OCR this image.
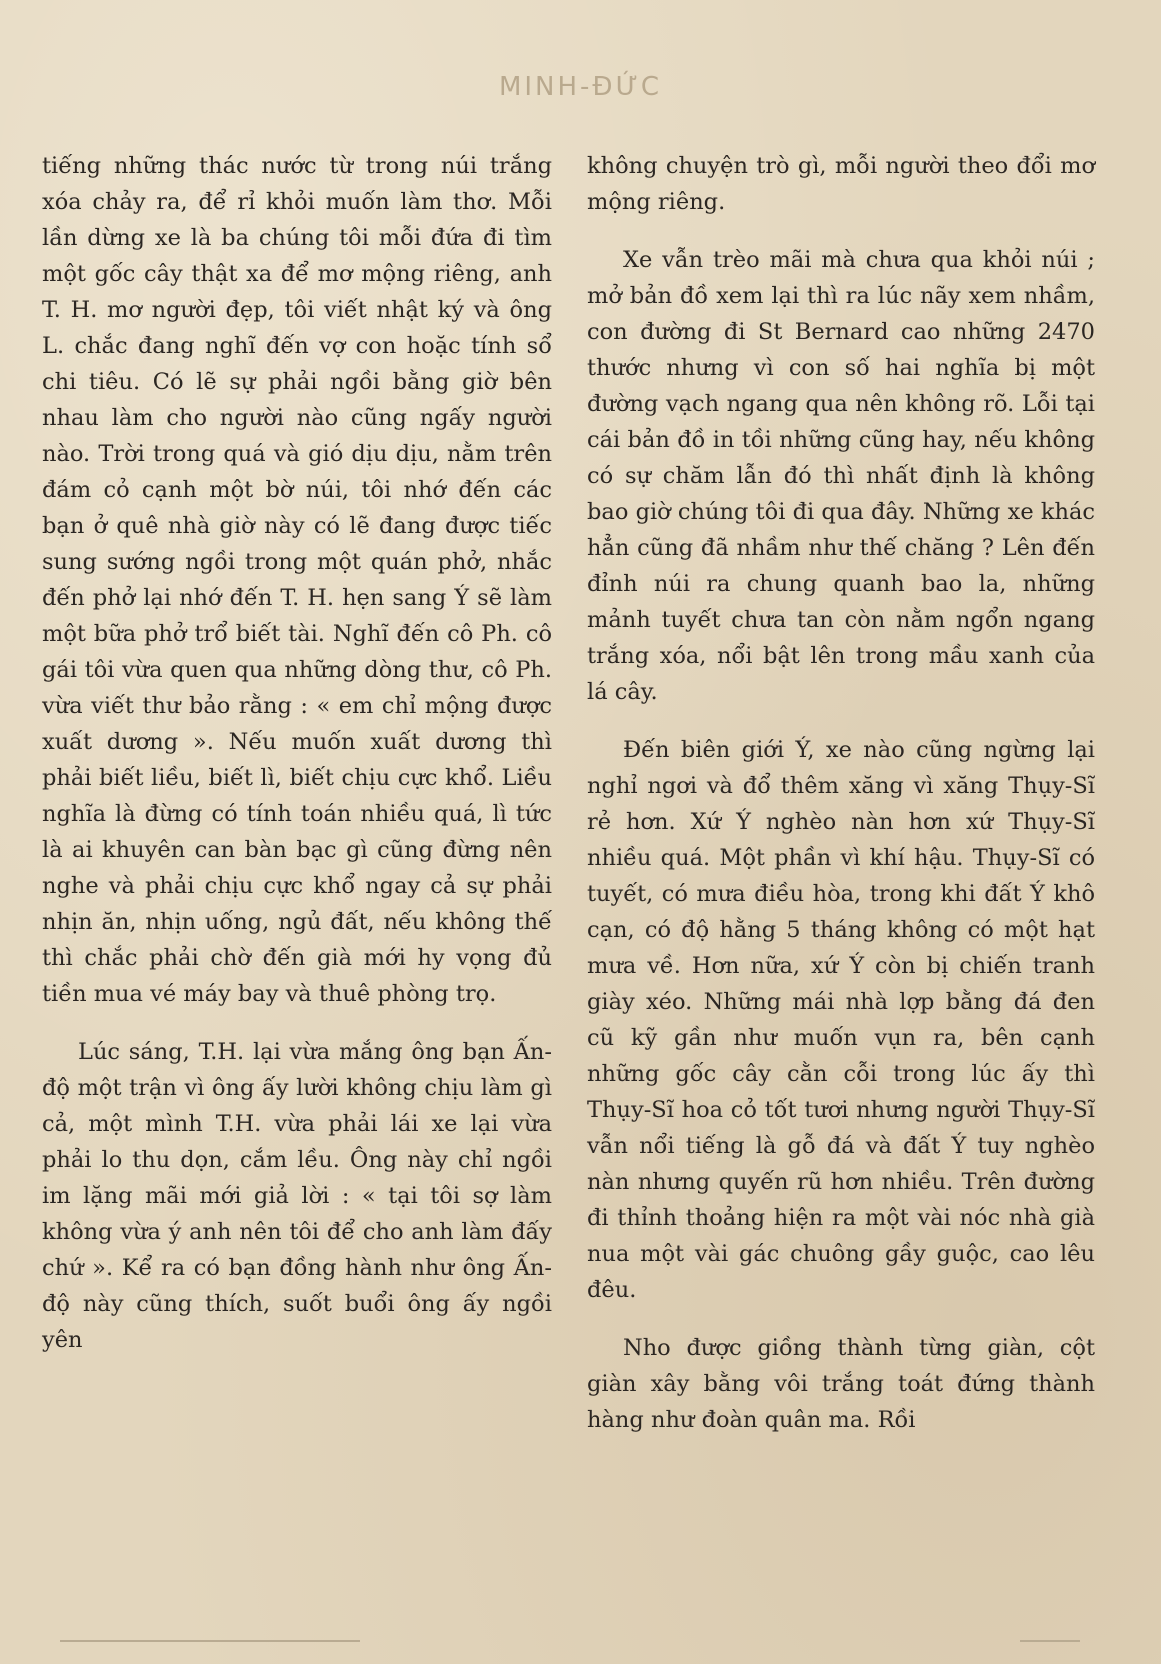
MINH-ĐỨC

tiếng những thác nước từ trong núi trắng xóa chảy ra, để rỉ khỏi muốn làm thơ. Mỗi lần dừng xe là ba chúng tôi mỗi đứa đi tìm một gốc cây thật xa để mơ mộng riêng, anh T. H. mơ người đẹp, tôi viết nhật ký và ông L. chắc đang nghĩ đến vợ con hoặc tính sổ chi tiêu. Có lẽ sự phải ngồi bằng giờ bên nhau làm cho người nào cũng ngấy người nào. Trời trong quá và gió dịu dịu, nằm trên đám cỏ cạnh một bờ núi, tôi nhớ đến các bạn ở quê nhà giờ này có lẽ đang được tiếc sung sướng ngồi trong một quán phở, nhắc đến phở lại nhớ đến T. H. hẹn sang Ý sẽ làm một bữa phở trổ biết tài. Nghĩ đến cô Ph. cô gái tôi vừa quen qua những dòng thư, cô Ph. vừa viết thư bảo rằng : « em chỉ mộng được xuất dương ». Nếu muốn xuất dương thì phải biết liều, biết lì, biết chịu cực khổ. Liều nghĩa là đừng có tính toán nhiều quá, lì tức là ai khuyên can bàn bạc gì cũng đừng nên nghe và phải chịu cực khổ ngay cả sự phải nhịn ăn, nhịn uống, ngủ đất, nếu không thế thì chắc phải chờ đến già mới hy vọng đủ tiền mua vé máy bay và thuê phòng trọ.

Lúc sáng, T.H. lại vừa mắng ông bạn Ấn-độ một trận vì ông ấy lười không chịu làm gì cả, một mình T.H. vừa phải lái xe lại vừa phải lo thu dọn, cắm lều. Ông này chỉ ngồi im lặng mãi mới giả lời : « tại tôi sợ làm không vừa ý anh nên tôi để cho anh làm đấy chứ ». Kể ra có bạn đồng hành như ông Ấn-độ này cũng thích, suốt buổi ông ấy ngồi yên

không chuyện trò gì, mỗi người theo đổi mơ mộng riêng.

Xe vẫn trèo mãi mà chưa qua khỏi núi ; mở bản đồ xem lại thì ra lúc nãy xem nhầm, con đường đi St Bernard cao những 2470 thước nhưng vì con số hai nghĩa bị một đường vạch ngang qua nên không rõ. Lỗi tại cái bản đồ in tồi những cũng hay, nếu không có sự chăm lẫn đó thì nhất định là không bao giờ chúng tôi đi qua đây. Những xe khác hẳn cũng đã nhầm như thế chăng ? Lên đến đỉnh núi ra chung quanh bao la, những mảnh tuyết chưa tan còn nằm ngổn ngang trắng xóa, nổi bật lên trong mầu xanh của lá cây.

Đến biên giới Ý, xe nào cũng ngừng lại nghỉ ngơi và đổ thêm xăng vì xăng Thụy-Sĩ rẻ hơn. Xứ Ý nghèo nàn hơn xứ Thụy-Sĩ nhiều quá. Một phần vì khí hậu. Thụy-Sĩ có tuyết, có mưa điều hòa, trong khi đất Ý khô cạn, có độ hằng 5 tháng không có một hạt mưa về. Hơn nữa, xứ Ý còn bị chiến tranh giày xéo. Những mái nhà lợp bằng đá đen cũ kỹ gần như muốn vụn ra, bên cạnh những gốc cây cằn cỗi trong lúc ấy thì Thụy-Sĩ hoa cỏ tốt tươi nhưng người Thụy-Sĩ vẫn nổi tiếng là gỗ đá và đất Ý tuy nghèo nàn nhưng quyến rũ hơn nhiều. Trên đường đi thỉnh thoảng hiện ra một vài nóc nhà già nua một vài gác chuông gầy guộc, cao lêu đêu.

Nho được giồng thành từng giàn, cột giàn xây bằng vôi trắng toát đứng thành hàng như đoàn quân ma. Rồi
